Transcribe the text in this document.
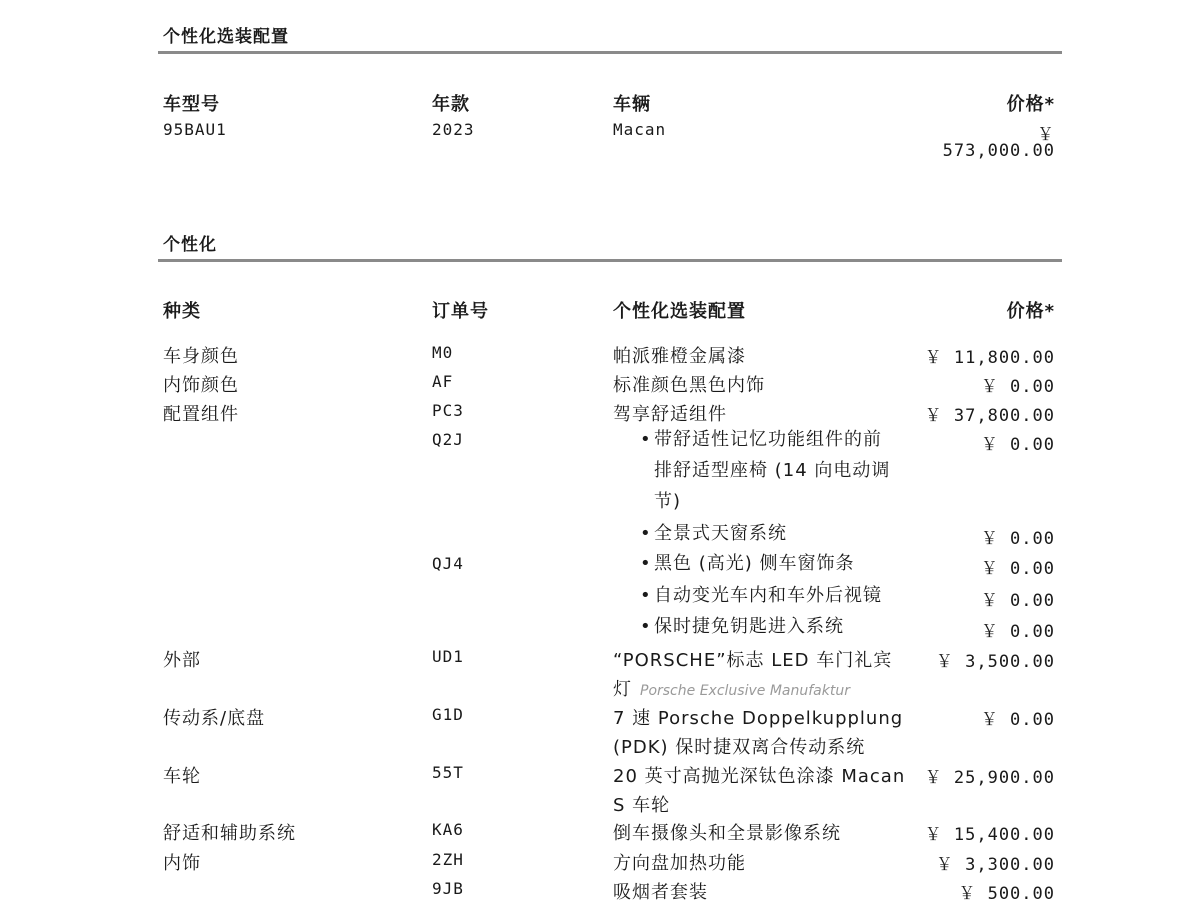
个性化选装配置
车型号	年款	车辆	价格*
95BAU1	2023	Macan	￥
573,000.00
个性化
种类	订单号	个性化选装配置	价格*
车身颜色	M0	帕派雅橙金属漆	￥ 11,800.00
内饰颜色	AF	标准颜色黑色内饰	￥ 0.00
配置组件	PC3	驾享舒适组件	￥ 37,800.00
Q2J	• 带舒适性记忆功能组件的前
排舒适型座椅 (14 向电动调
节)
￥ 0.00
• 全景式天窗系统	￥ 0.00
QJ4	• 黑色 (高光) 侧车窗饰条	￥ 0.00
• 自动变光车内和车外后视镜	￥ 0.00
• 保时捷免钥匙进入系统	￥ 0.00
外部	UD1	“PORSCHE”标志 LED 车门礼宾
灯 Porsche Exclusive Manufaktur
￥ 3,500.00
传动系/底盘	G1D	7 速 Porsche Doppelkupplung
(PDK) 保时捷双离合传动系统
￥ 0.00
车轮	55T	20 英寸高抛光深钛色涂漆 Macan
S 车轮
￥ 25,900.00
舒适和辅助系统	KA6	倒车摄像头和全景影像系统	￥ 15,400.00
内饰	2ZH	方向盘加热功能	￥ 3,300.00
9JB	吸烟者套装	￥ 500.00
